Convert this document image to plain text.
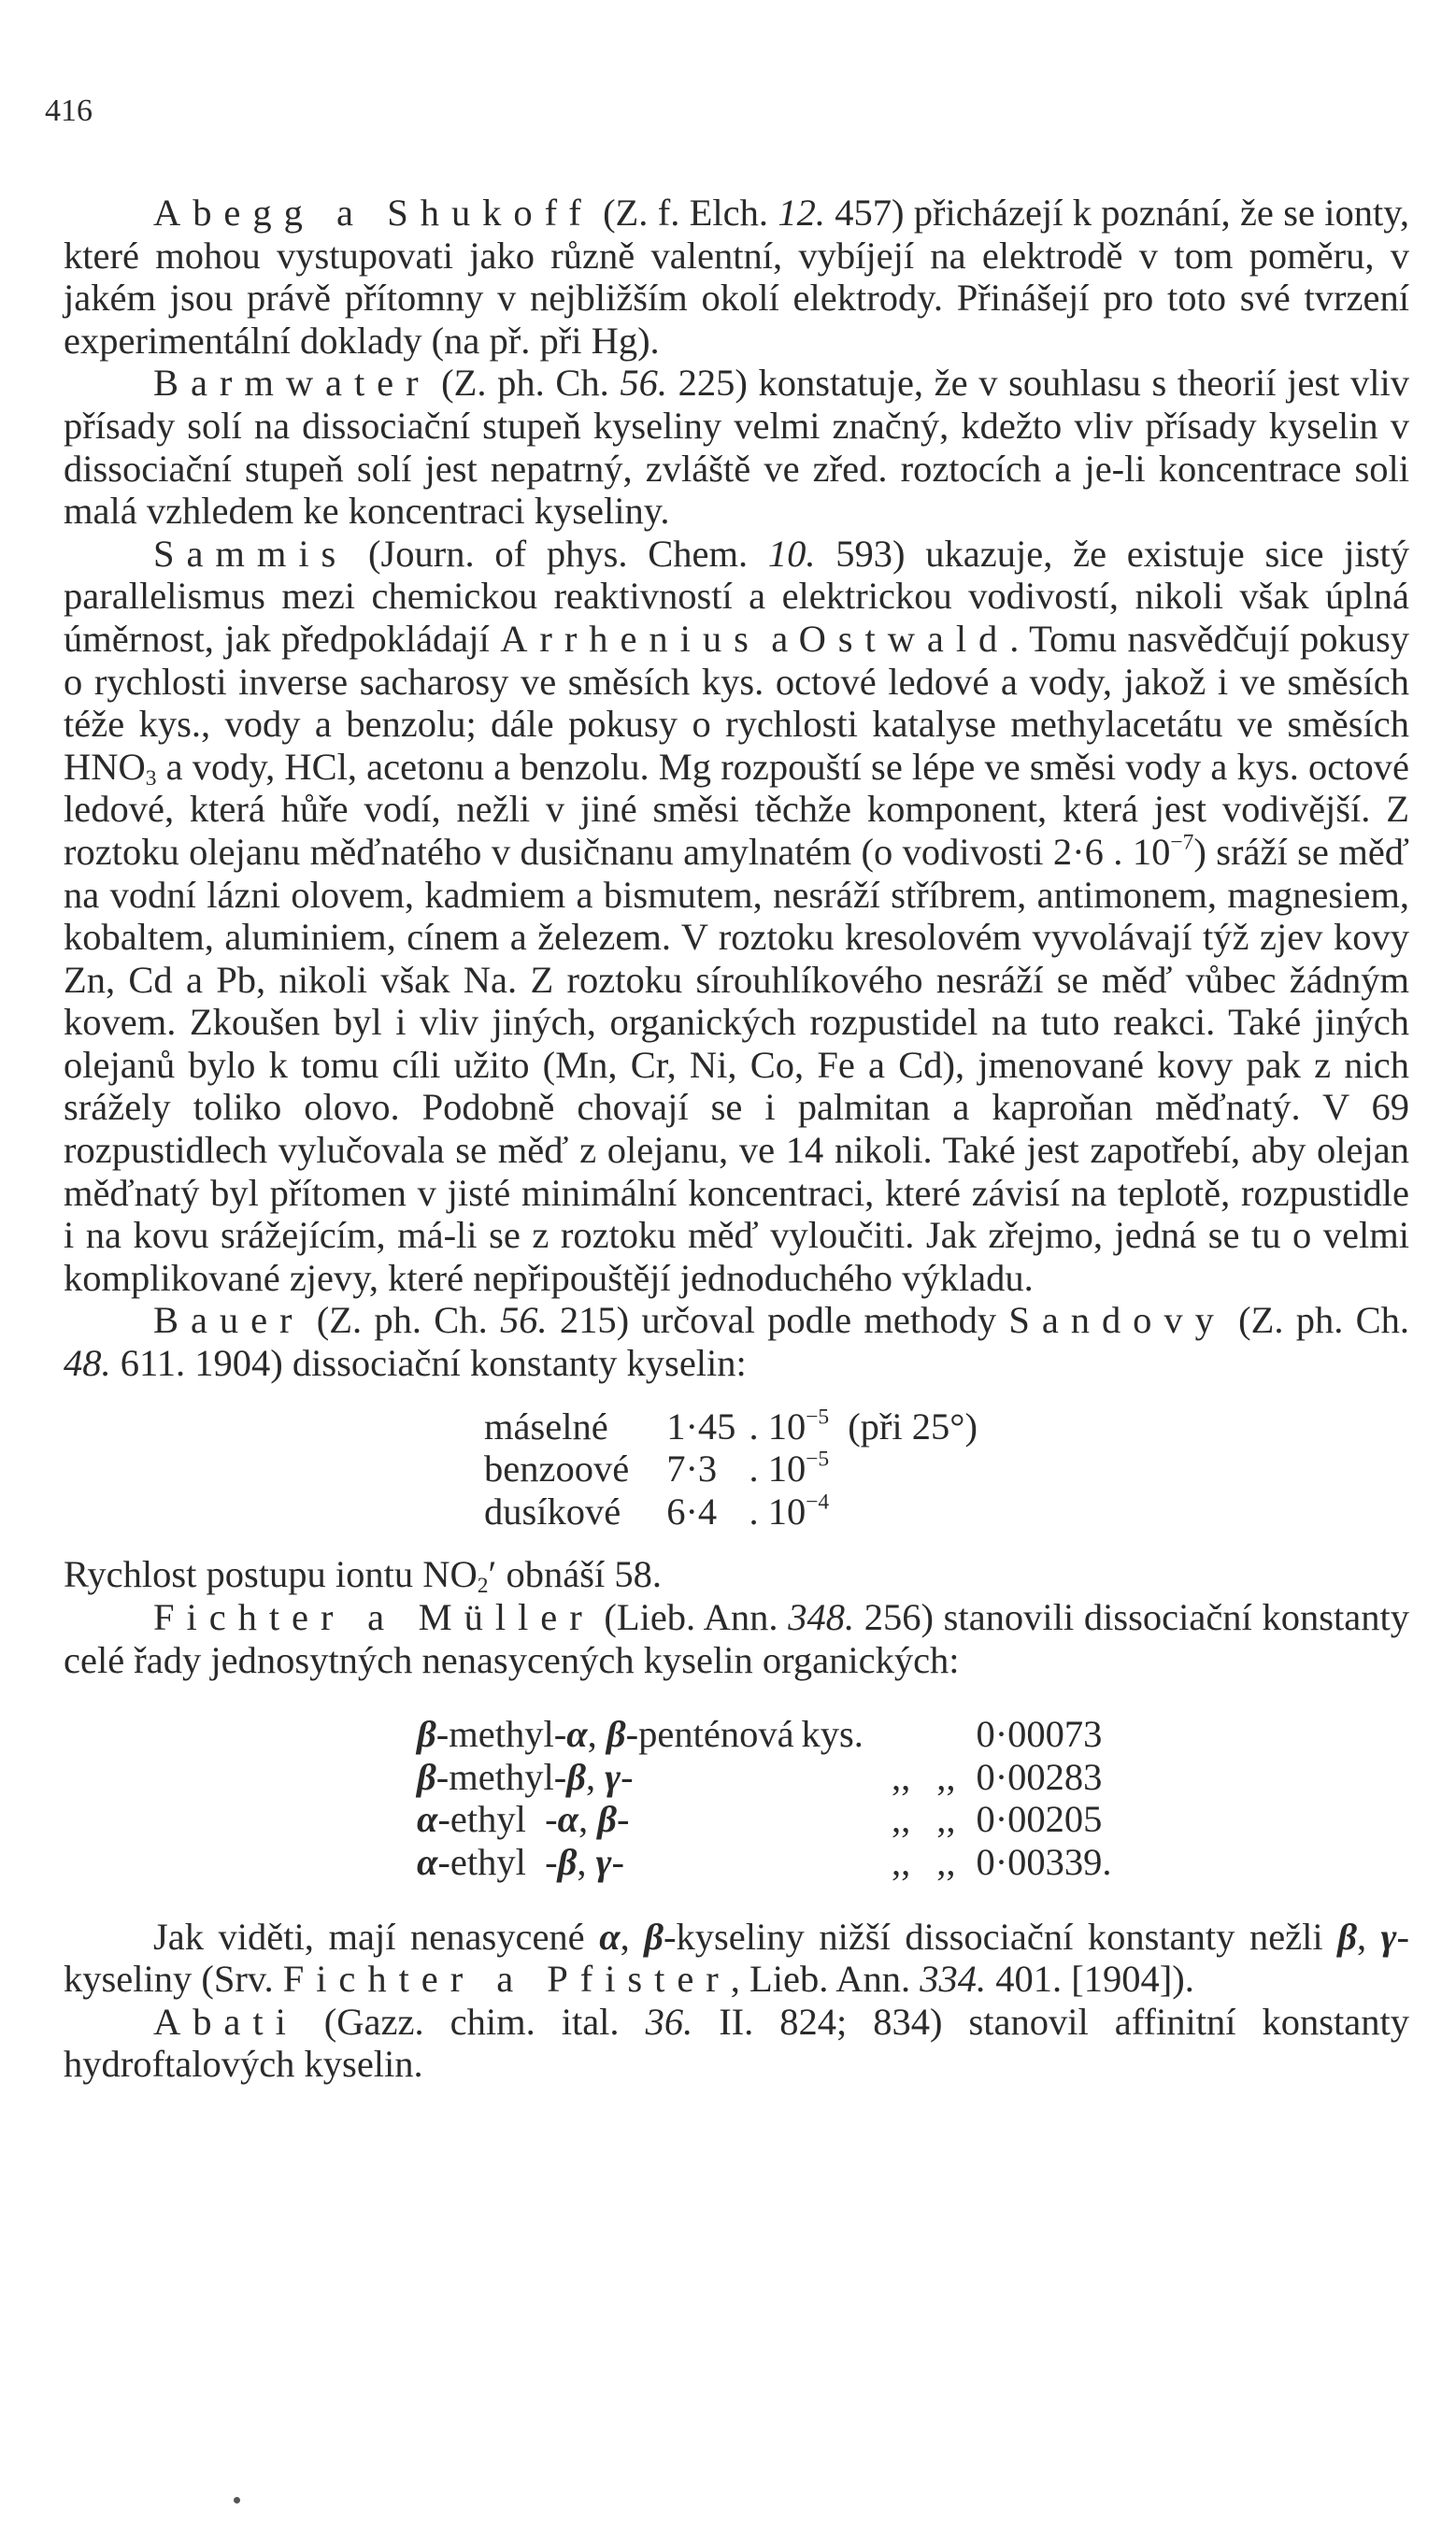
416

Abegg a Shukoff (Z. f. Elch. 12. 457) přicházejí k poznání, že se ionty, které mohou vystupovati jako různě valentní, vybíjejí na elektrodě v tom poměru, v jakém jsou právě přítomny v nejbližším okolí elektrody. Přinášejí pro toto své tvrzení experimentální doklady (na př. při Hg).

Barmwater (Z. ph. Ch. 56. 225) konstatuje, že v souhlasu s theorií jest vliv přísady solí na dissociační stupeň kyseliny velmi značný, kdežto vliv přísady kyselin v dissociační stupeň solí jest nepatrný, zvláště ve zřed. roztocích a je-li koncentrace soli malá vzhledem ke koncentraci kyseliny.

Sammis (Journ. of phys. Chem. 10. 593) ukazuje, že existuje sice jistý parallelismus mezi chemickou reaktivností a elektrickou vodivostí, nikoli však úplná úměrnost, jak předpokládají Arrhenius a Ostwald. Tomu nasvědčují pokusy o rychlosti inverse sacharosy ve směsích kys. octové ledové a vody, jakož i ve směsích téže kys., vody a benzolu; dále pokusy o rychlosti katalyse methylacetátu ve směsích $HNO_3$ a vody, HCl, acetonu a benzolu. Mg rozpouští se lépe ve směsi vody a kys. octové ledové, která hůře vodí, nežli v jiné směsi těchže komponent, která jest vodivější. Z roztoku olejanu měďnatého v dusičnanu amylnatém (o vodivosti 2·6 . $10^{-7}$) sráží se měď na vodní lázni olovem, kadmiem a bismutem, nesráží stříbrem, antimonem, magnesiem, kobaltem, aluminiem, cínem a železem. V roztoku kresolovém vyvolávají týž zjev kovy Zn, Cd a Pb, nikoli však Na. Z roztoku sírouhlíkového nesráží se měď vůbec žádným kovem. Zkoušen byl i vliv jiných, organických rozpustidel na tuto reakci. Také jiných olejanů bylo k tomu cíli užito (Mn, Cr, Ni, Co, Fe a Cd), jmenované kovy pak z nich srážely toliko olovo. Podobně chovají se i palmitan a kaproňan měďnatý. V 69 rozpustidlech vylučovala se měď z olejanu, ve 14 nikoli. Také jest zapotřebí, aby olejan měďnatý byl přítomen v jisté minimální koncentraci, které závisí na teplotě, rozpustidle i na kovu srážejícím, má-li se z roztoku měď vyloučiti. Jak zřejmo, jedná se tu o velmi komplikované zjevy, které nepřipouštějí jednoduchého výkladu.

Bauer (Z. ph. Ch. 56. 215) určoval podle methody Sandovy (Z. ph. Ch. 48. 611. 1904) dissociační konstanty kyselin:

máselné	1·45	. $10^{-5}$	(při 25°)
benzoové	7·3	. $10^{-5}$	
dusíkové	6·4	. $10^{-4}$	

Rychlost postupu iontu $NO_2'$ obnáší 58.

Fichter a Müller (Lieb. Ann. 348. 256) stanovili dissociační konstanty celé řady jednosytných nenasycených kyselin organických:

β-methyl-α, β-penténová	kys.			0·00073
β-methyl-β, γ-		,,	,,	0·00283
α-ethyl  -α, β-		,,	,,	0·00205
α-ethyl  -β, γ-		,,	,,	0·00339.

Jak viděti, mají nenasycené α, β-kyseliny nižší dissociační konstanty nežli β, γ-kyseliny (Srv. Fichter a Pfister, Lieb. Ann. 334. 401. [1904]).

Abati (Gazz. chim. ital. 36. II. 824; 834) stanovil affinitní konstanty hydroftalových kyselin.
